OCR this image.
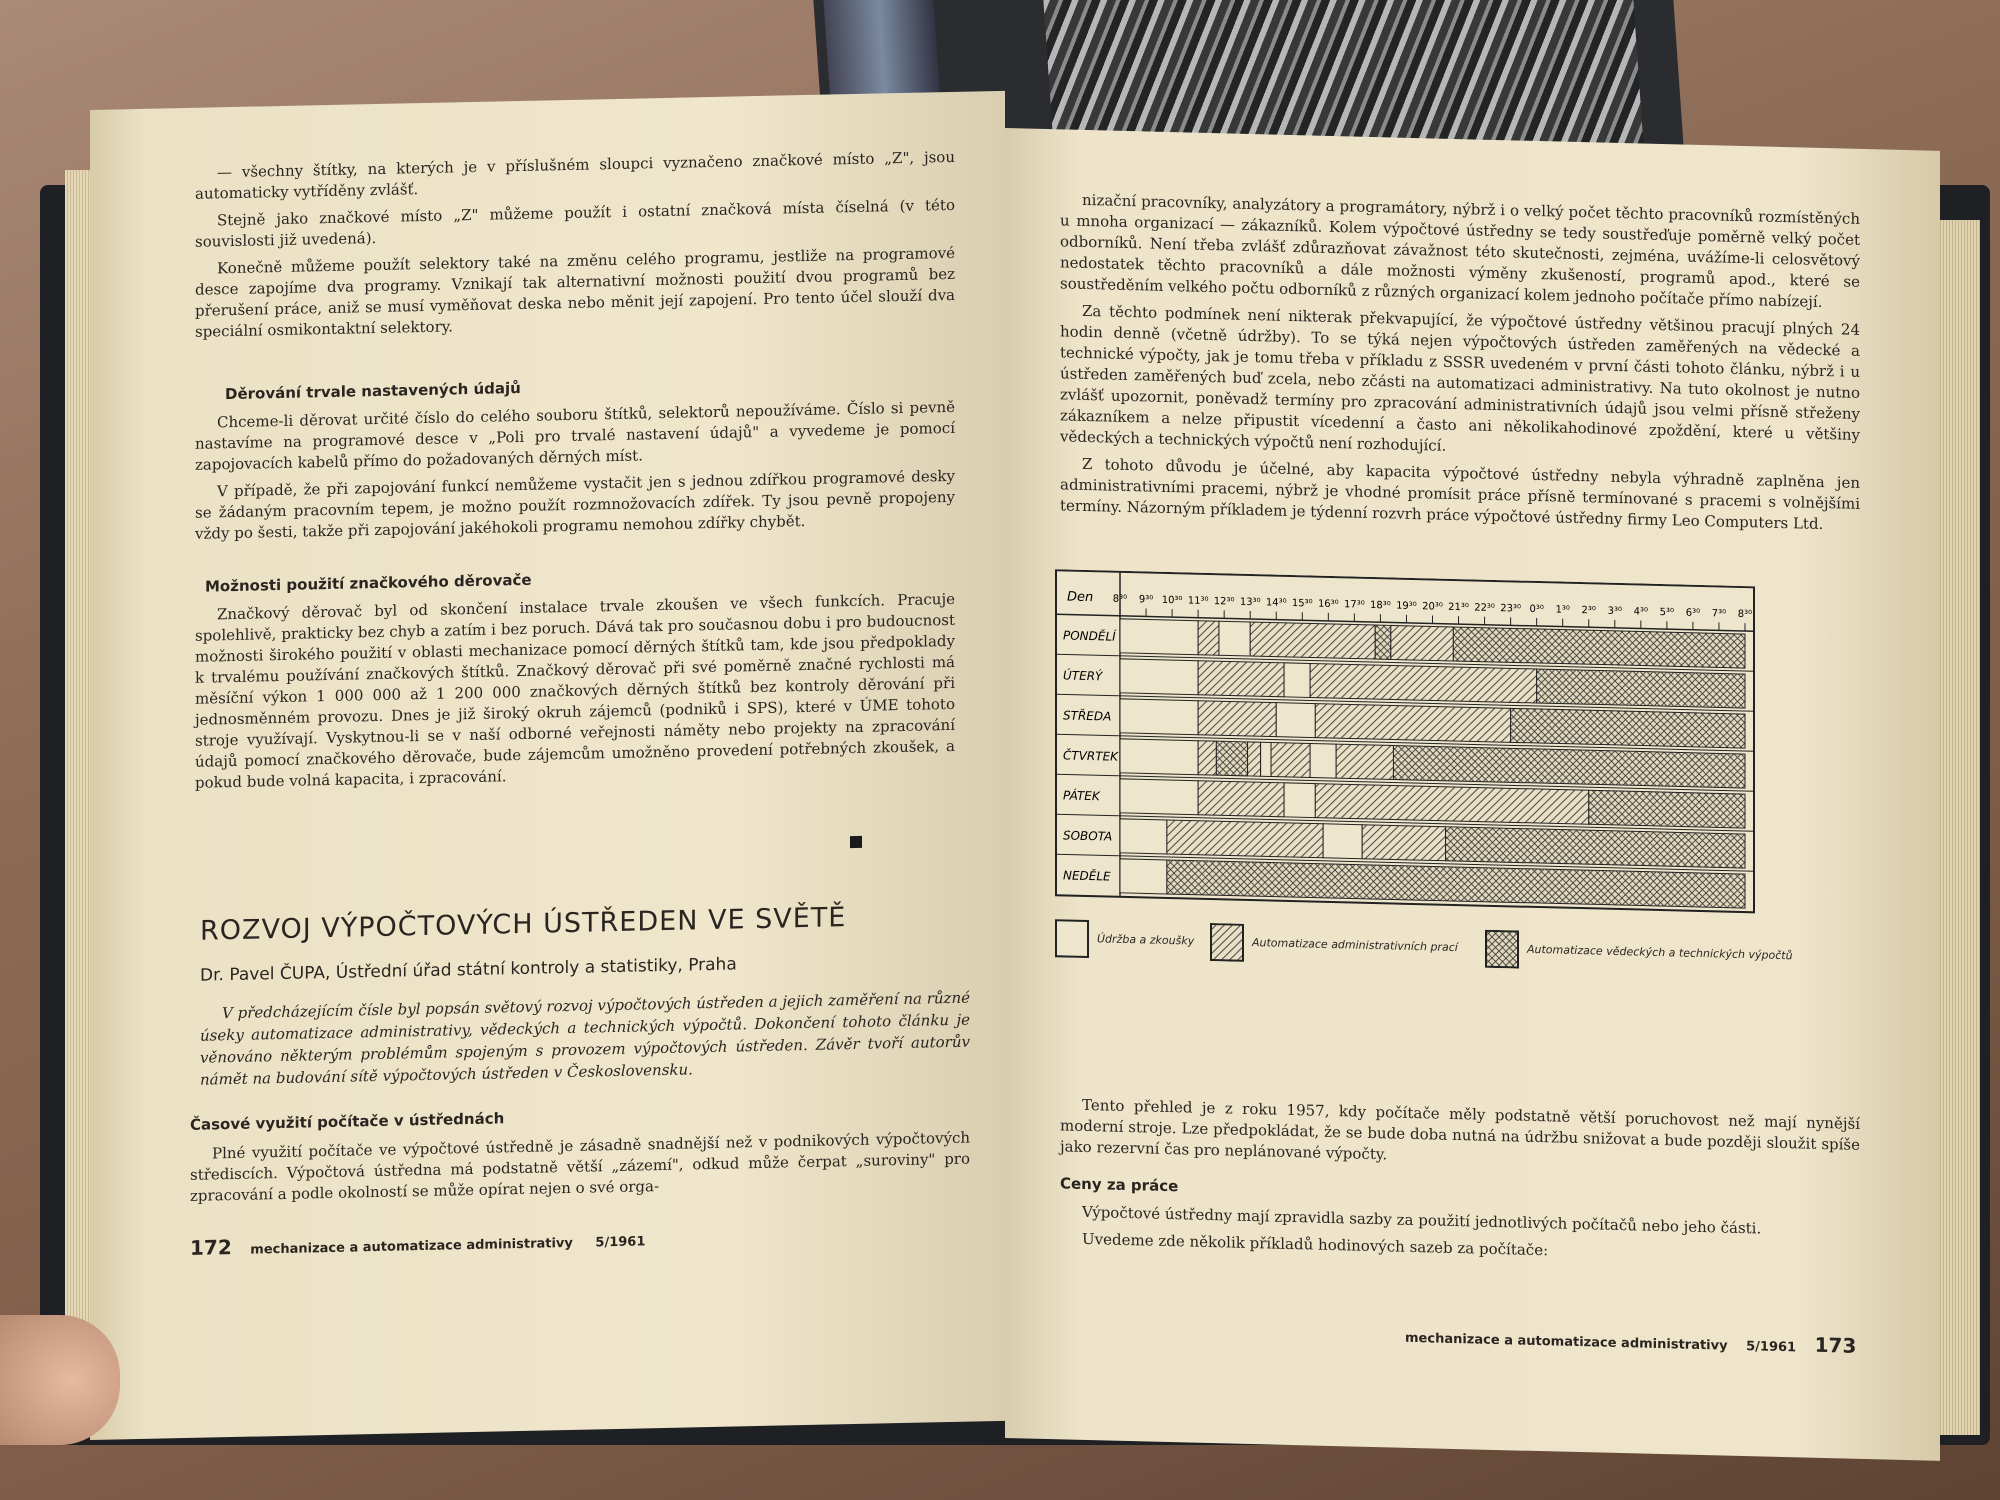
— všechny štítky, na kterých je v příslušném sloupci vyznačeno značkové místo „Z", jsou automaticky vytříděny zvlášť.

Stejně jako značkové místo „Z" můžeme použít i ostatní značková místa číselná (v této souvislosti již uvedená).

Konečně můžeme použít selektory také na změnu celého programu, jestliže na programové desce zapojíme dva programy. Vznikají tak alternativní možnosti použití dvou programů bez přerušení práce, aniž se musí vyměňovat deska nebo měnit její zapojení. Pro tento účel slouží dva speciální osmikontaktní selektory.

Děrování trvale nastavených údajů

Chceme-li děrovat určité číslo do celého souboru štítků, selektorů nepoužíváme. Číslo si pevně nastavíme na programové desce v „Poli pro trvalé nastavení údajů" a vyvedeme je pomocí zapojovacích kabelů přímo do požadovaných děrných míst.

V případě, že při zapojování funkcí nemůžeme vystačit jen s jednou zdířkou programové desky se žádaným pracovním tepem, je možno použít rozmnožovacích zdířek. Ty jsou pevně propojeny vždy po šesti, takže při zapojování jakéhokoli programu nemohou zdířky chybět.

Možnosti použití značkového děrovače

Značkový děrovač byl od skončení instalace trvale zkoušen ve všech funkcích. Pracuje spolehlivě, prakticky bez chyb a zatím i bez poruch. Dává tak pro současnou dobu i pro budoucnost možnosti širokého použití v oblasti mechanizace pomocí děrných štítků tam, kde jsou předpoklady k trvalému používání značkových štítků. Značkový děrovač při své poměrně značné rychlosti má měsíční výkon 1 000 000 až 1 200 000 značkových děrných štítků bez kontroly děrování při jednosměnném provozu. Dnes je již široký okruh zájemců (podniků i SPS), které v ÚME tohoto stroje využívají. Vyskytnou-li se v naší odborné veřejnosti náměty nebo projekty na zpracování údajů pomocí značkového děrovače, bude zájemcům umožněno provedení potřebných zkoušek, a pokud bude volná kapacita, i zpracování.

ROZVOJ VÝPOČTOVÝCH ÚSTŘEDEN VE SVĚTĚ
Dr. Pavel ČUPA, Ústřední úřad státní kontroly a statistiky, Praha
V předcházejícím čísle byl popsán světový rozvoj výpočtových ústředen a jejich zaměření na různé úseky automatizace administrativy, vědeckých a technických výpočtů. Dokončení tohoto článku je věnováno některým problémům spojeným s provozem výpočtových ústředen. Závěr tvoří autorův námět na budování sítě výpočtových ústředen v Československu.
Časové využití počítače v ústřednách

Plné využití počítače ve výpočtové ústředně je zásadně snadnější než v podnikových výpočtových střediscích. Výpočtová ústředna má podstatně větší „zázemí", odkud může čerpat „suroviny" pro zpracování a podle okolností se může opírat nejen o své orga-

172 mechanizace a automatizace administrativy 5/1961

nizační pracovníky, analyzátory a programátory, nýbrž i o velký počet těchto pracovníků rozmístěných u mnoha organizací — zákazníků. Kolem výpočtové ústředny se tedy soustřeďuje poměrně velký počet odborníků. Není třeba zvlášť zdůrazňovat závažnost této skutečnosti, zejména, uvážíme-li celosvětový nedostatek těchto pracovníků a dále možnosti výměny zkušeností, programů apod., které se soustředěním velkého počtu odborníků z různých organizací kolem jednoho počítače přímo nabízejí.

Za těchto podmínek není nikterak překvapující, že výpočtové ústředny většinou pracují plných 24 hodin denně (včetně údržby). To se týká nejen výpočtových ústředen zaměřených na vědecké a technické výpočty, jak je tomu třeba v příkladu z SSSR uvedeném v první části tohoto článku, nýbrž i u ústředen zaměřených buď zcela, nebo zčásti na automatizaci administrativy. Na tuto okolnost je nutno zvlášť upozornit, poněvadž termíny pro zpracování administrativních údajů jsou velmi přísně střeženy zákazníkem a nelze připustit vícedenní a často ani několikahodinové zpoždění, které u většiny vědeckých a technických výpočtů není rozhodující.

Z tohoto důvodu je účelné, aby kapacita výpočtové ústředny nebyla výhradně zaplněna jen administrativními pracemi, nýbrž je vhodné promísit práce přísně termínované s pracemi s volnějšími termíny. Názorným příkladem je týdenní rozvrh práce výpočtové ústředny firmy Leo Computers Ltd.

Den 8³⁰ 9³⁰ 10³⁰ 11³⁰ 12³⁰ 13³⁰ 14³⁰ 15³⁰ 16³⁰ 17³⁰ 18³⁰ 19³⁰ 20³⁰ 21³⁰ 22³⁰ 23³⁰ 0³⁰ 1³⁰ 2³⁰ 3³⁰ 4³⁰ 5³⁰ 6³⁰ 7³⁰ 8³⁰
PONDĚLÍ
ÚTERÝ
STŘEDA
ČTVRTEK
PÁTEK
SOBOTA
NEDĚLE
Údržba a zkoušky	Automatizace administrativních prací	Automatizace vědeckých a technických výpočtů

Tento přehled je z roku 1957, kdy počítače měly podstatně větší poruchovost než mají nynější moderní stroje. Lze předpokládat, že se bude doba nutná na údržbu snižovat a bude později sloužit spíše jako rezervní čas pro neplánované výpočty.

Ceny za práce

Výpočtové ústředny mají zpravidla sazby za použití jednotlivých počítačů nebo jeho části.

Uvedeme zde několik příkladů hodinových sazeb za počítače:

mechanizace a automatizace administrativy 5/1961 173
